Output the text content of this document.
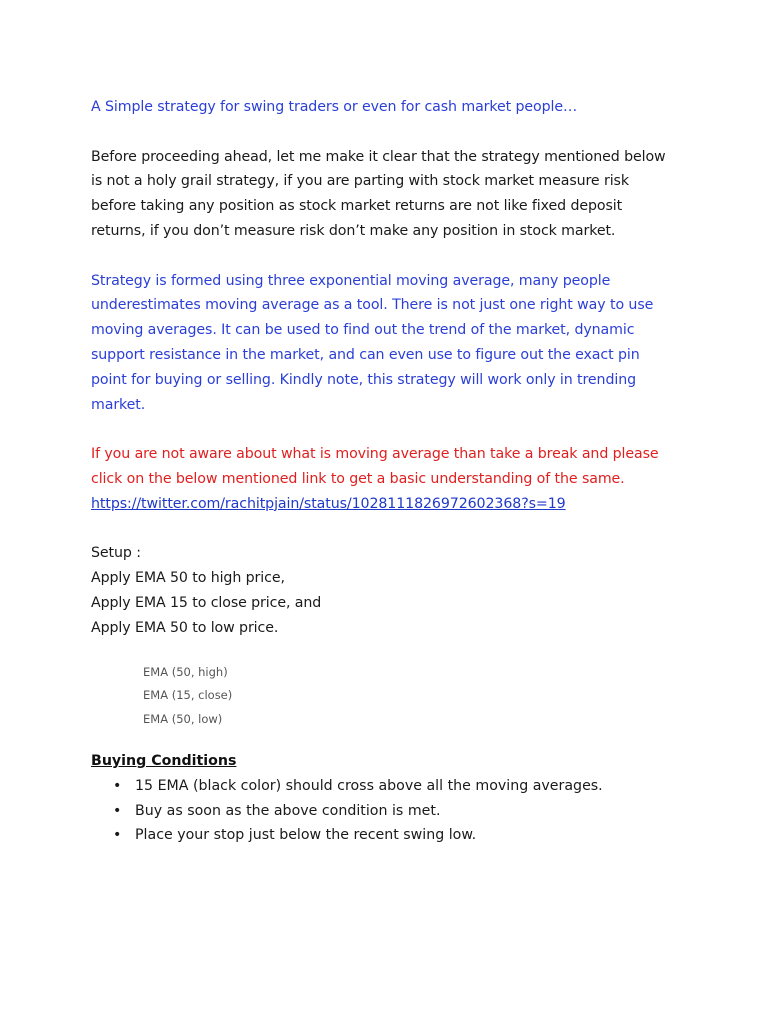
A Simple strategy for swing traders or even for cash market people…
Before proceeding ahead, let me make it clear that the strategy mentioned below
is not a holy grail strategy, if you are parting with stock market measure risk
before taking any position as stock market returns are not like fixed deposit
returns, if you don’t measure risk don’t make any position in stock market.
Strategy is formed using three exponential moving average, many people
underestimates moving average as a tool. There is not just one right way to use
moving averages. It can be used to find out the trend of the market, dynamic
support resistance in the market, and can even use to figure out the exact pin
point for buying or selling. Kindly note, this strategy will work only in trending
market.
If you are not aware about what is moving average than take a break and please
click on the below mentioned link to get a basic understanding of the same.
https://twitter.com/rachitpjain/status/1028111826972602368?s=19
Setup :
Apply EMA 50 to high price,
Apply EMA 15 to close price, and
Apply EMA 50 to low price.
EMA (50, high)
EMA (15, close)
EMA (50, low)
Buying Conditions
• 15 EMA (black color) should cross above all the moving averages.
• Buy as soon as the above condition is met.
• Place your stop just below the recent swing low.
